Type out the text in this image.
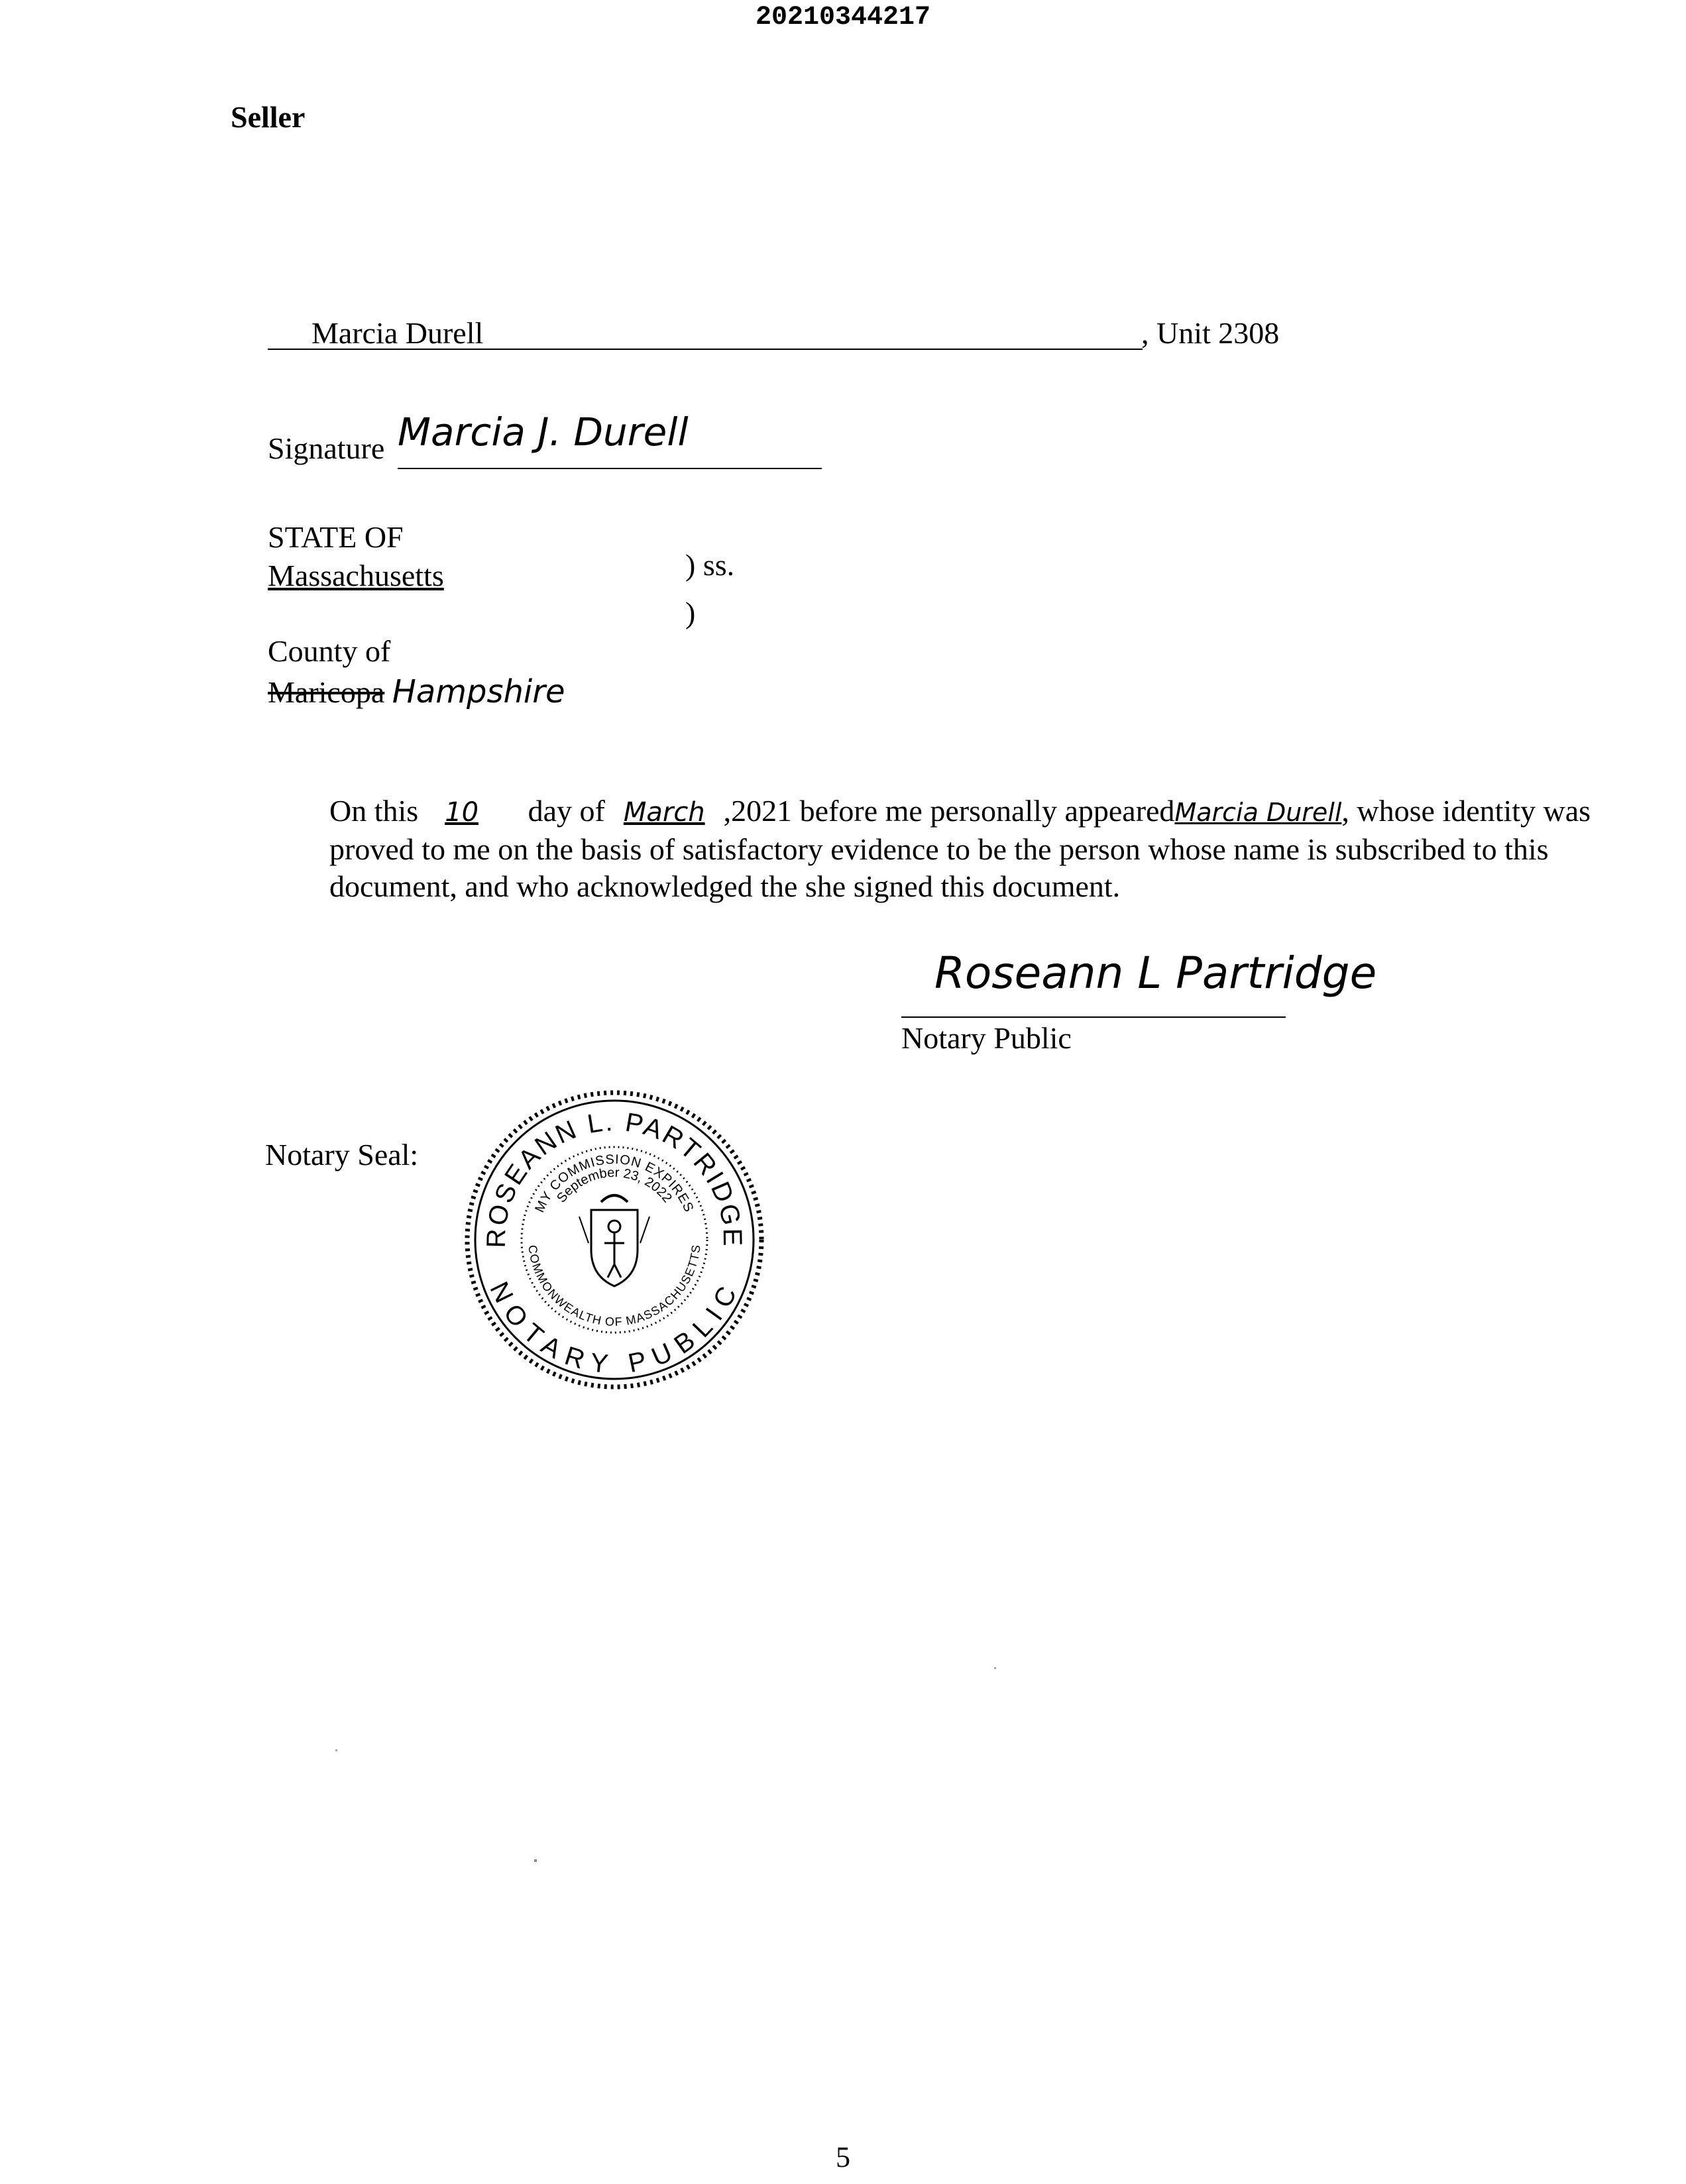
20210344217
Seller
Marcia Durell	, Unit 2308
Signature Marcia J. Durell
STATE OF
Massachusetts	) ss.
)
County of
Maricopa Hampshire
On this 10 day of March ,2021 before me personally appearedMarcia Durell, whose identity was proved to me on the basis of satisfactory evidence to be the person whose name is subscribed to this document, and who acknowledged the she signed this document.
Roseann L Partridge
Notary Public
Notary Seal:
ROSEANN L. PARTRIDGE
NOTARY PUBLIC
MY COMMISSION EXPIRES
September 23, 2022
COMMONWEALTH OF MASSACHUSETTS
5
